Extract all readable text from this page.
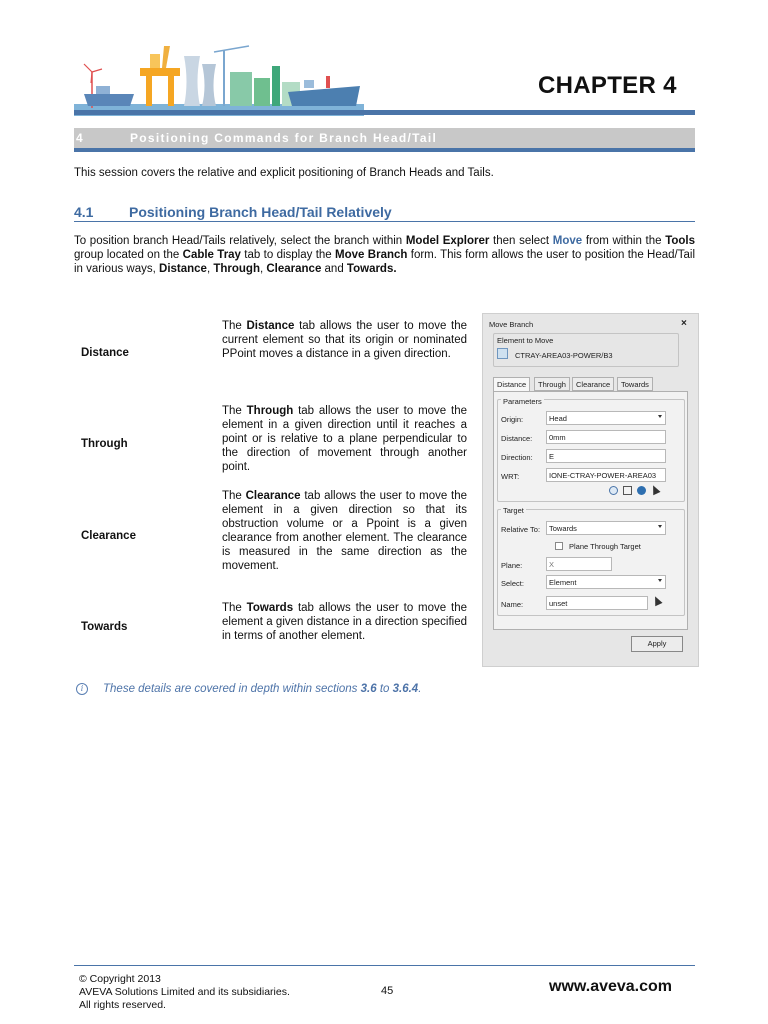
CHAPTER 4
4	Positioning Commands for Branch Head/Tail
This session covers the relative and explicit positioning of Branch Heads and Tails.
4.1	Positioning Branch Head/Tail Relatively
To position branch Head/Tails relatively, select the branch within Model Explorer then select Move from within the Tools group located on the Cable Tray tab to display the Move Branch form. This form allows the user to position the Head/Tail in various ways, Distance, Through, Clearance and Towards.
Distance
The Distance tab allows the user to move the current element so that its origin or nominated PPoint moves a distance in a given direction.
Through
The Through tab allows the user to move the element in a given direction until it reaches a point or is relative to a plane perpendicular to the direction of movement through another point.
Clearance
The Clearance tab allows the user to move the element in a given direction so that its obstruction volume or a Ppoint is a given clearance from another element. The clearance is measured in the same direction as the movement.
Towards
The Towards tab allows the user to move the element a given distance in a direction specified in terms of another element.
Move Branch	×
Element to Move
CTRAY-AREA03-POWER/B3
Distance	Through	Clearance	Towards
Parameters
Origin:	Head
Distance:	0mm
Direction:	E
WRT:	IONE-CTRAY-POWER-AREA03
Target
Relative To:	Towards
Plane Through Target
Plane:	X
Select:	Element
Name:	unset
Apply
i	These details are covered in depth within sections 3.6 to 3.6.4.
© Copyright 2013
AVEVA Solutions Limited and its subsidiaries.
All rights reserved.
45	www.aveva.com
